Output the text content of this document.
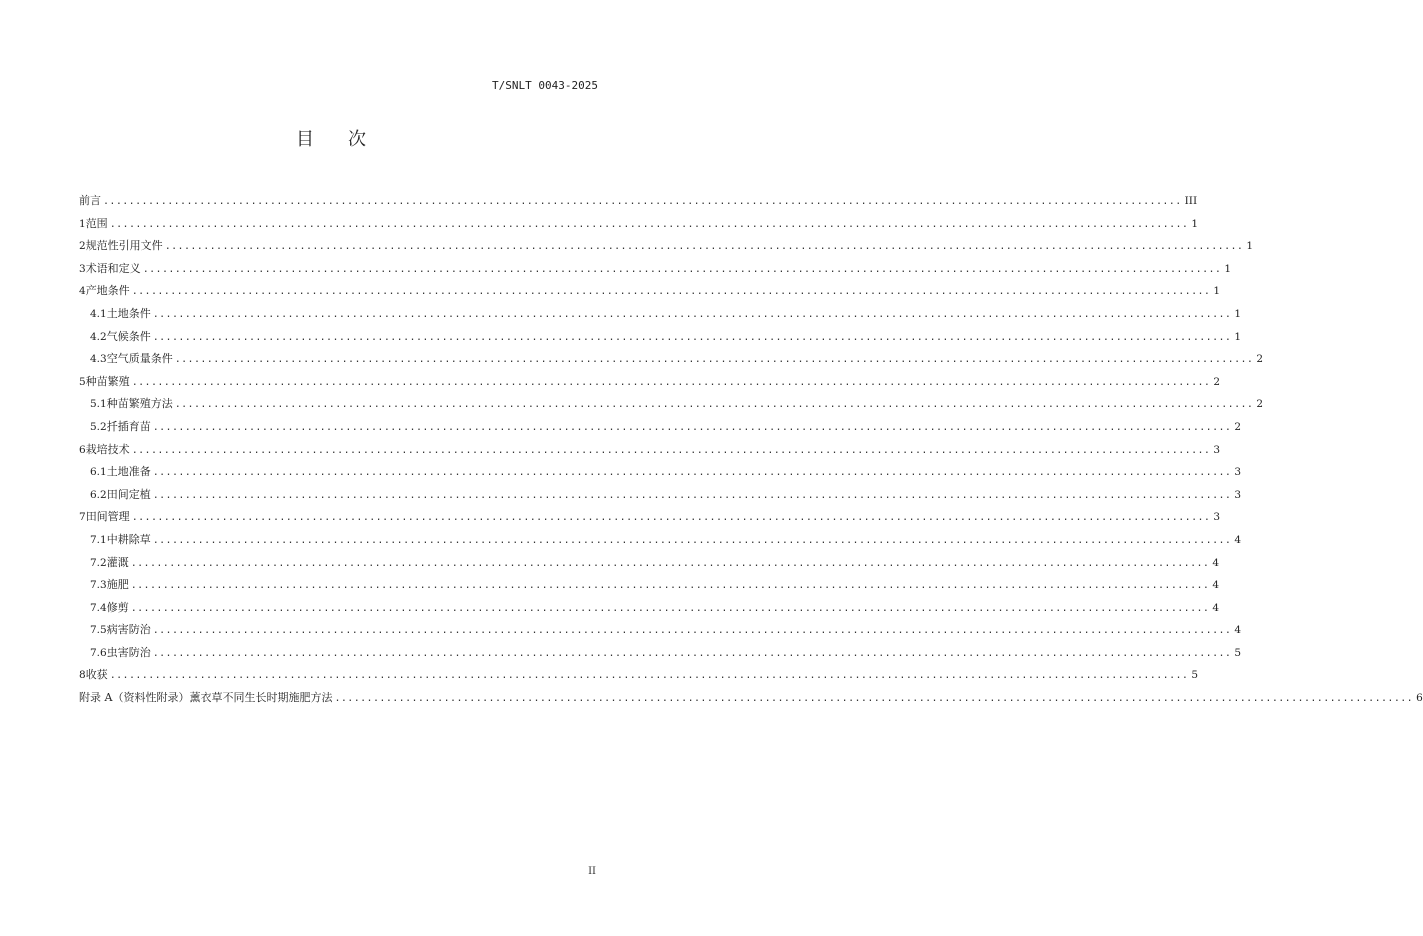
T/SNLT 0043-2025
目次
前言 ........................................................................................................................................................................ III
1 范围 ........................................................................................................................................................................ 1
2 规范性引用文件 ........................................................................................................................................................................ 1
3 术语和定义 ........................................................................................................................................................................ 1
4 产地条件 ........................................................................................................................................................................ 1
4.1 土地条件 ........................................................................................................................................................................ 1
4.2 气候条件 ........................................................................................................................................................................ 1
4.3 空气质量条件 ........................................................................................................................................................................ 2
5 种苗繁殖 ........................................................................................................................................................................ 2
5.1 种苗繁殖方法 ........................................................................................................................................................................ 2
5.2 扦插育苗 ........................................................................................................................................................................ 2
6 栽培技术 ........................................................................................................................................................................ 3
6.1 土地准备 ........................................................................................................................................................................ 3
6.2 田间定植 ........................................................................................................................................................................ 3
7 田间管理 ........................................................................................................................................................................ 3
7.1 中耕除草 ........................................................................................................................................................................ 4
7.2 灌溉 ........................................................................................................................................................................ 4
7.3 施肥 ........................................................................................................................................................................ 4
7.4 修剪 ........................................................................................................................................................................ 4
7.5 病害防治 ........................................................................................................................................................................ 4
7.6 虫害防治 ........................................................................................................................................................................ 5
8 收获 ........................................................................................................................................................................ 5
附录 A（资料性附录）薰衣草不同生长时期施肥方法 ........................................................................................................................................................................ 6
II
